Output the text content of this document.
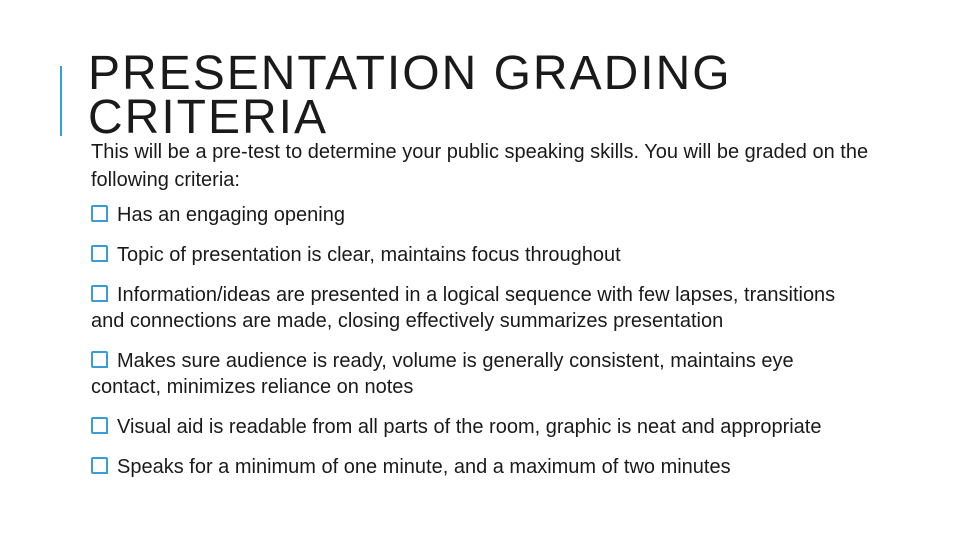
PRESENTATION GRADING CRITERIA

This will be a pre-test to determine your public speaking skills. You will be graded on the following criteria:

Has an engaging opening
Topic of presentation is clear, maintains focus throughout
Information/ideas are presented in a logical sequence with few lapses, transitions and connections are made, closing effectively summarizes presentation
Makes sure audience is ready, volume is generally consistent, maintains eye contact, minimizes reliance on notes
Visual aid is readable from all parts of the room, graphic is neat and appropriate
Speaks for a minimum of one minute, and a maximum of two minutes
